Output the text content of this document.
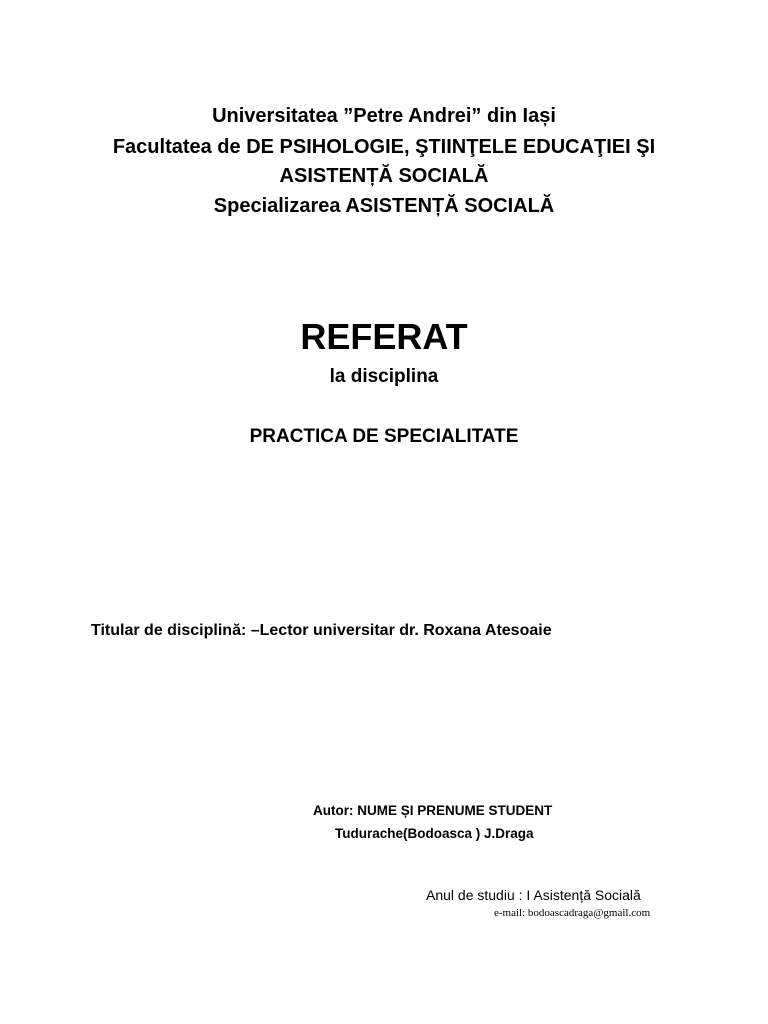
Universitatea ”Petre Andrei” din Iași
Facultatea de DE PSIHOLOGIE, ŞTIINŢELE EDUCAŢIEI ŞI
ASISTENȚĂ SOCIALĂ
Specializarea ASISTENȚĂ SOCIALĂ
REFERAT
la disciplina
PRACTICA DE SPECIALITATE
Titular de disciplină: –Lector universitar dr. Roxana Atesoaie
Autor: NUME ȘI PRENUME STUDENT
Tudurache(Bodoasca ) J.Draga
Anul de studiu : I Asistență Socială
e-mail: bodoascadraga@gmail.com
